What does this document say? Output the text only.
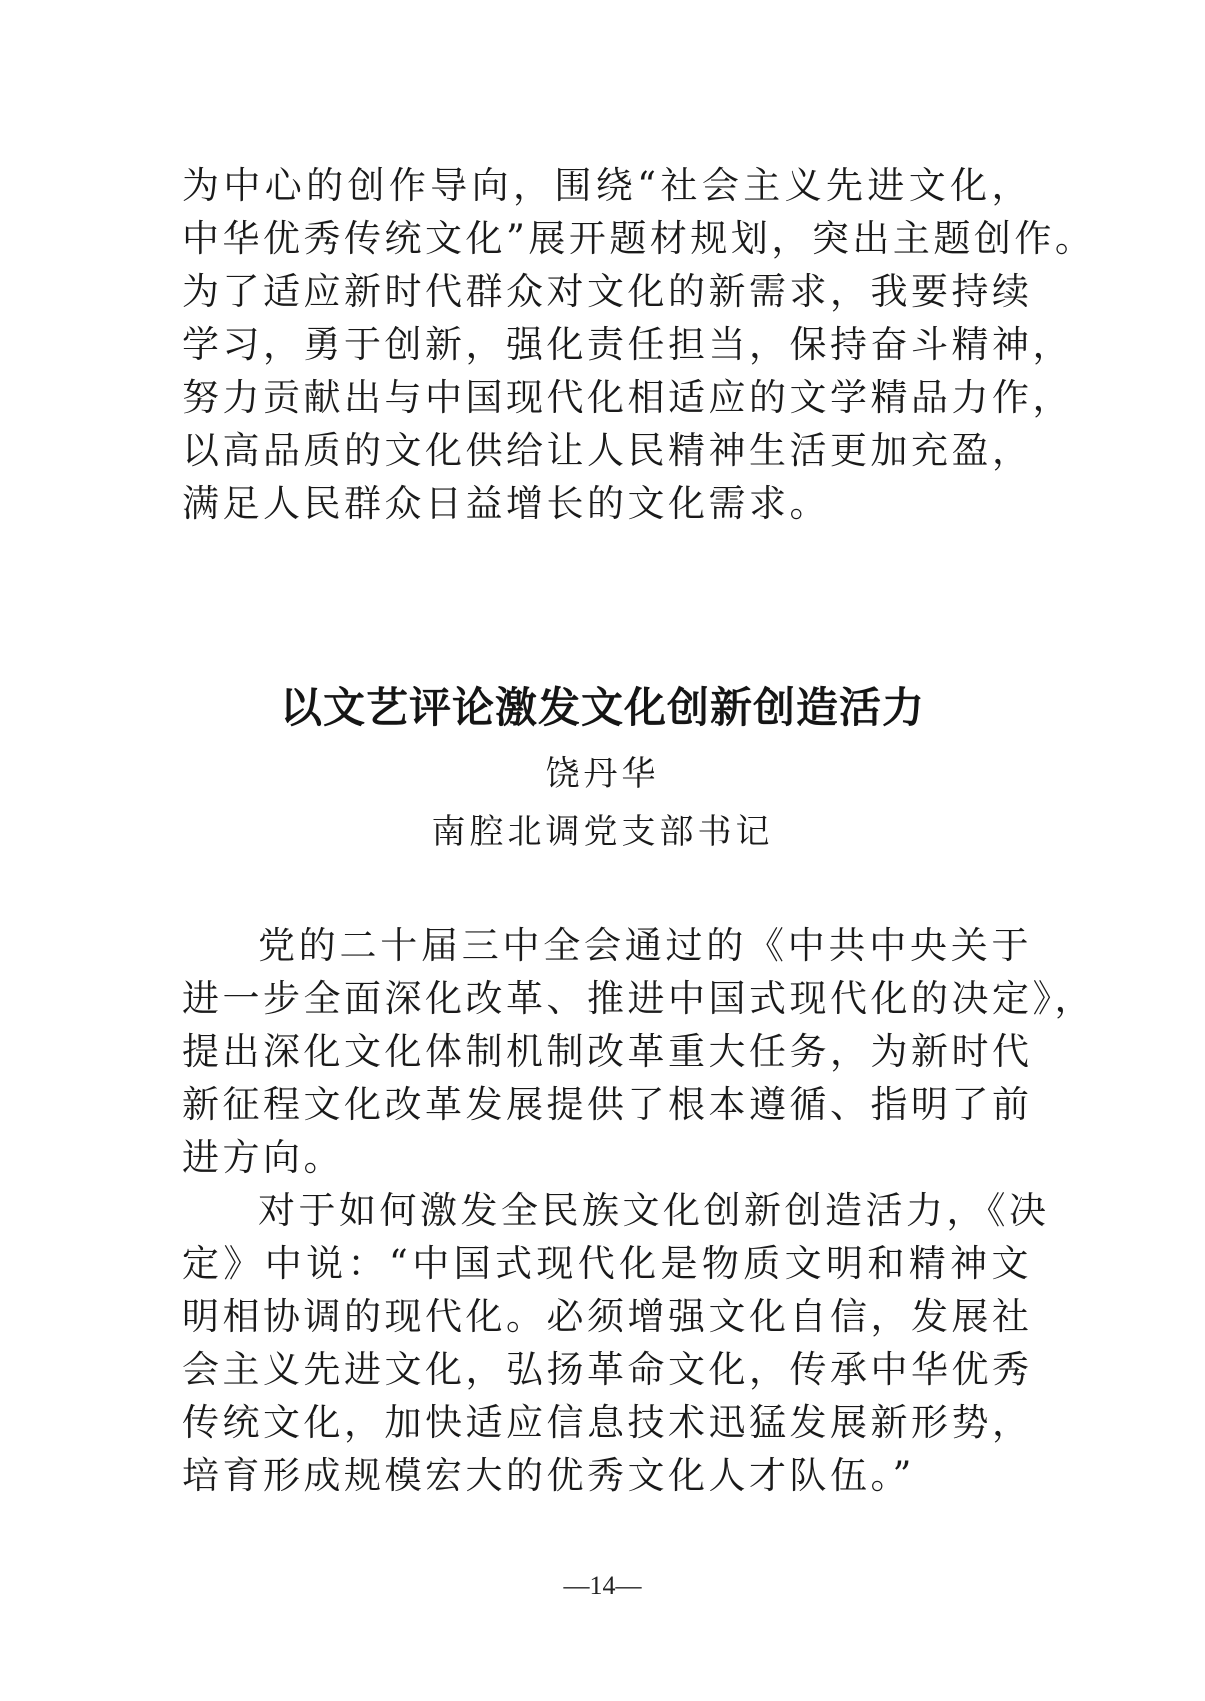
为中心的创作导向，围绕“社会主义先进文化，
中华优秀传统文化”展开题材规划，突出主题创作。
为了适应新时代群众对文化的新需求，我要持续
学习，勇于创新，强化责任担当，保持奋斗精神，
努力贡献出与中国现代化相适应的文学精品力作，
以高品质的文化供给让人民精神生活更加充盈，
满足人民群众日益增长的文化需求。
以文艺评论激发文化创新创造活力
饶丹华
南腔北调党支部书记
党的二十届三中全会通过的《中共中央关于
进一步全面深化改革、推进中国式现代化的决定》，
提出深化文化体制机制改革重大任务，为新时代
新征程文化改革发展提供了根本遵循、指明了前
进方向。
对于如何激发全民族文化创新创造活力，《决
定》中说：“中国式现代化是物质文明和精神文
明相协调的现代化。必须增强文化自信，发展社
会主义先进文化，弘扬革命文化，传承中华优秀
传统文化，加快适应信息技术迅猛发展新形势，
培育形成规模宏大的优秀文化人才队伍。”
—14—
